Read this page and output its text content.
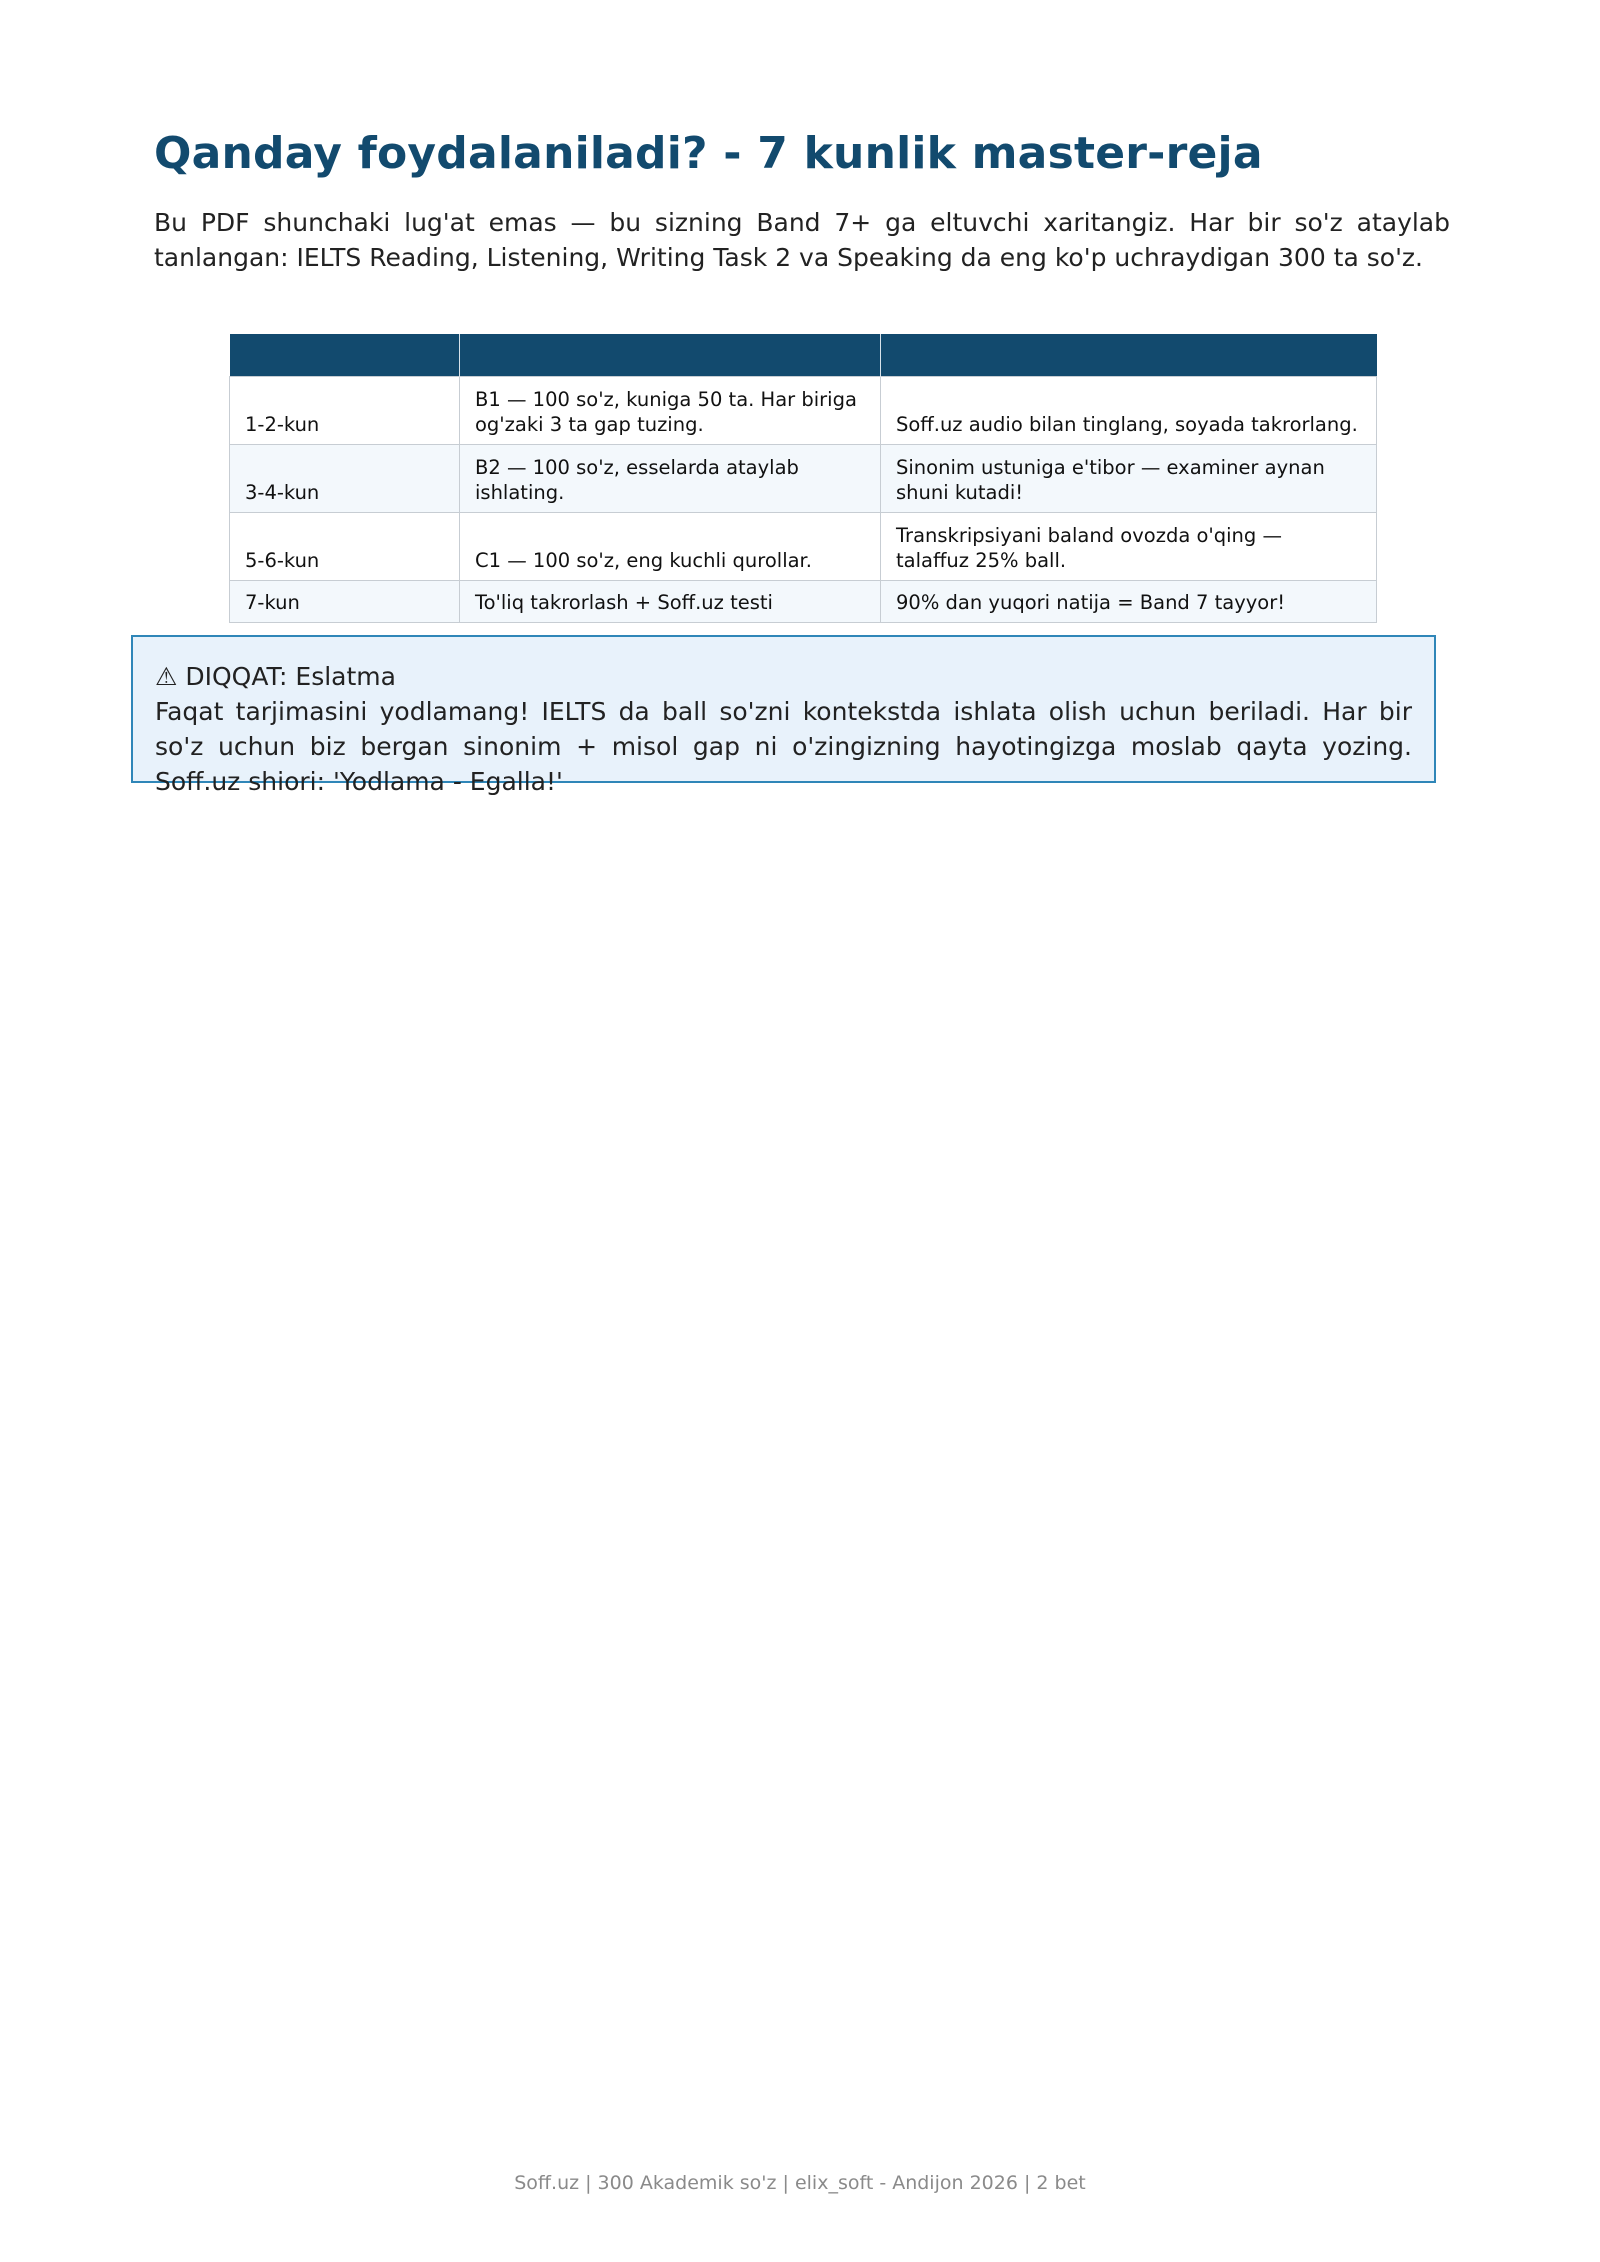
Qanday foydalaniladi? - 7 kunlik master-reja

Bu PDF shunchaki lug'at emas — bu sizning Band 7+ ga eltuvchi xaritangiz. Har bir so'z ataylab tanlangan: IELTS Reading, Listening, Writing Task 2 va Speaking da eng ko'p uchraydigan 300 ta so'z.

1-2-kun	B1 — 100 so'z, kuniga 50 ta. Har biriga og'zaki 3 ta gap tuzing.	Soff.uz audio bilan tinglang, soyada takrorlang.
3-4-kun	B2 — 100 so'z, esselarda ataylab ishlating.	Sinonim ustuniga e'tibor — examiner aynan shuni kutadi!
5-6-kun	C1 — 100 so'z, eng kuchli qurollar.	Transkripsiyani baland ovozda o'qing — talaffuz 25% ball.
7-kun	To'liq takrorlash + Soff.uz testi	90% dan yuqori natija = Band 7 tayyor!

⚠ DIQQAT: Eslatma

Faqat tarjimasini yodlamang! IELTS da ball so'zni kontekstda ishlata olish uchun beriladi. Har bir so'z uchun biz bergan sinonim + misol gap ni o'zingizning hayotingizga moslab qayta yozing. Soff.uz shiori: 'Yodlama - Egalla!'

Soff.uz | 300 Akademik so'z | elix_soft - Andijon 2026 | 2 bet
